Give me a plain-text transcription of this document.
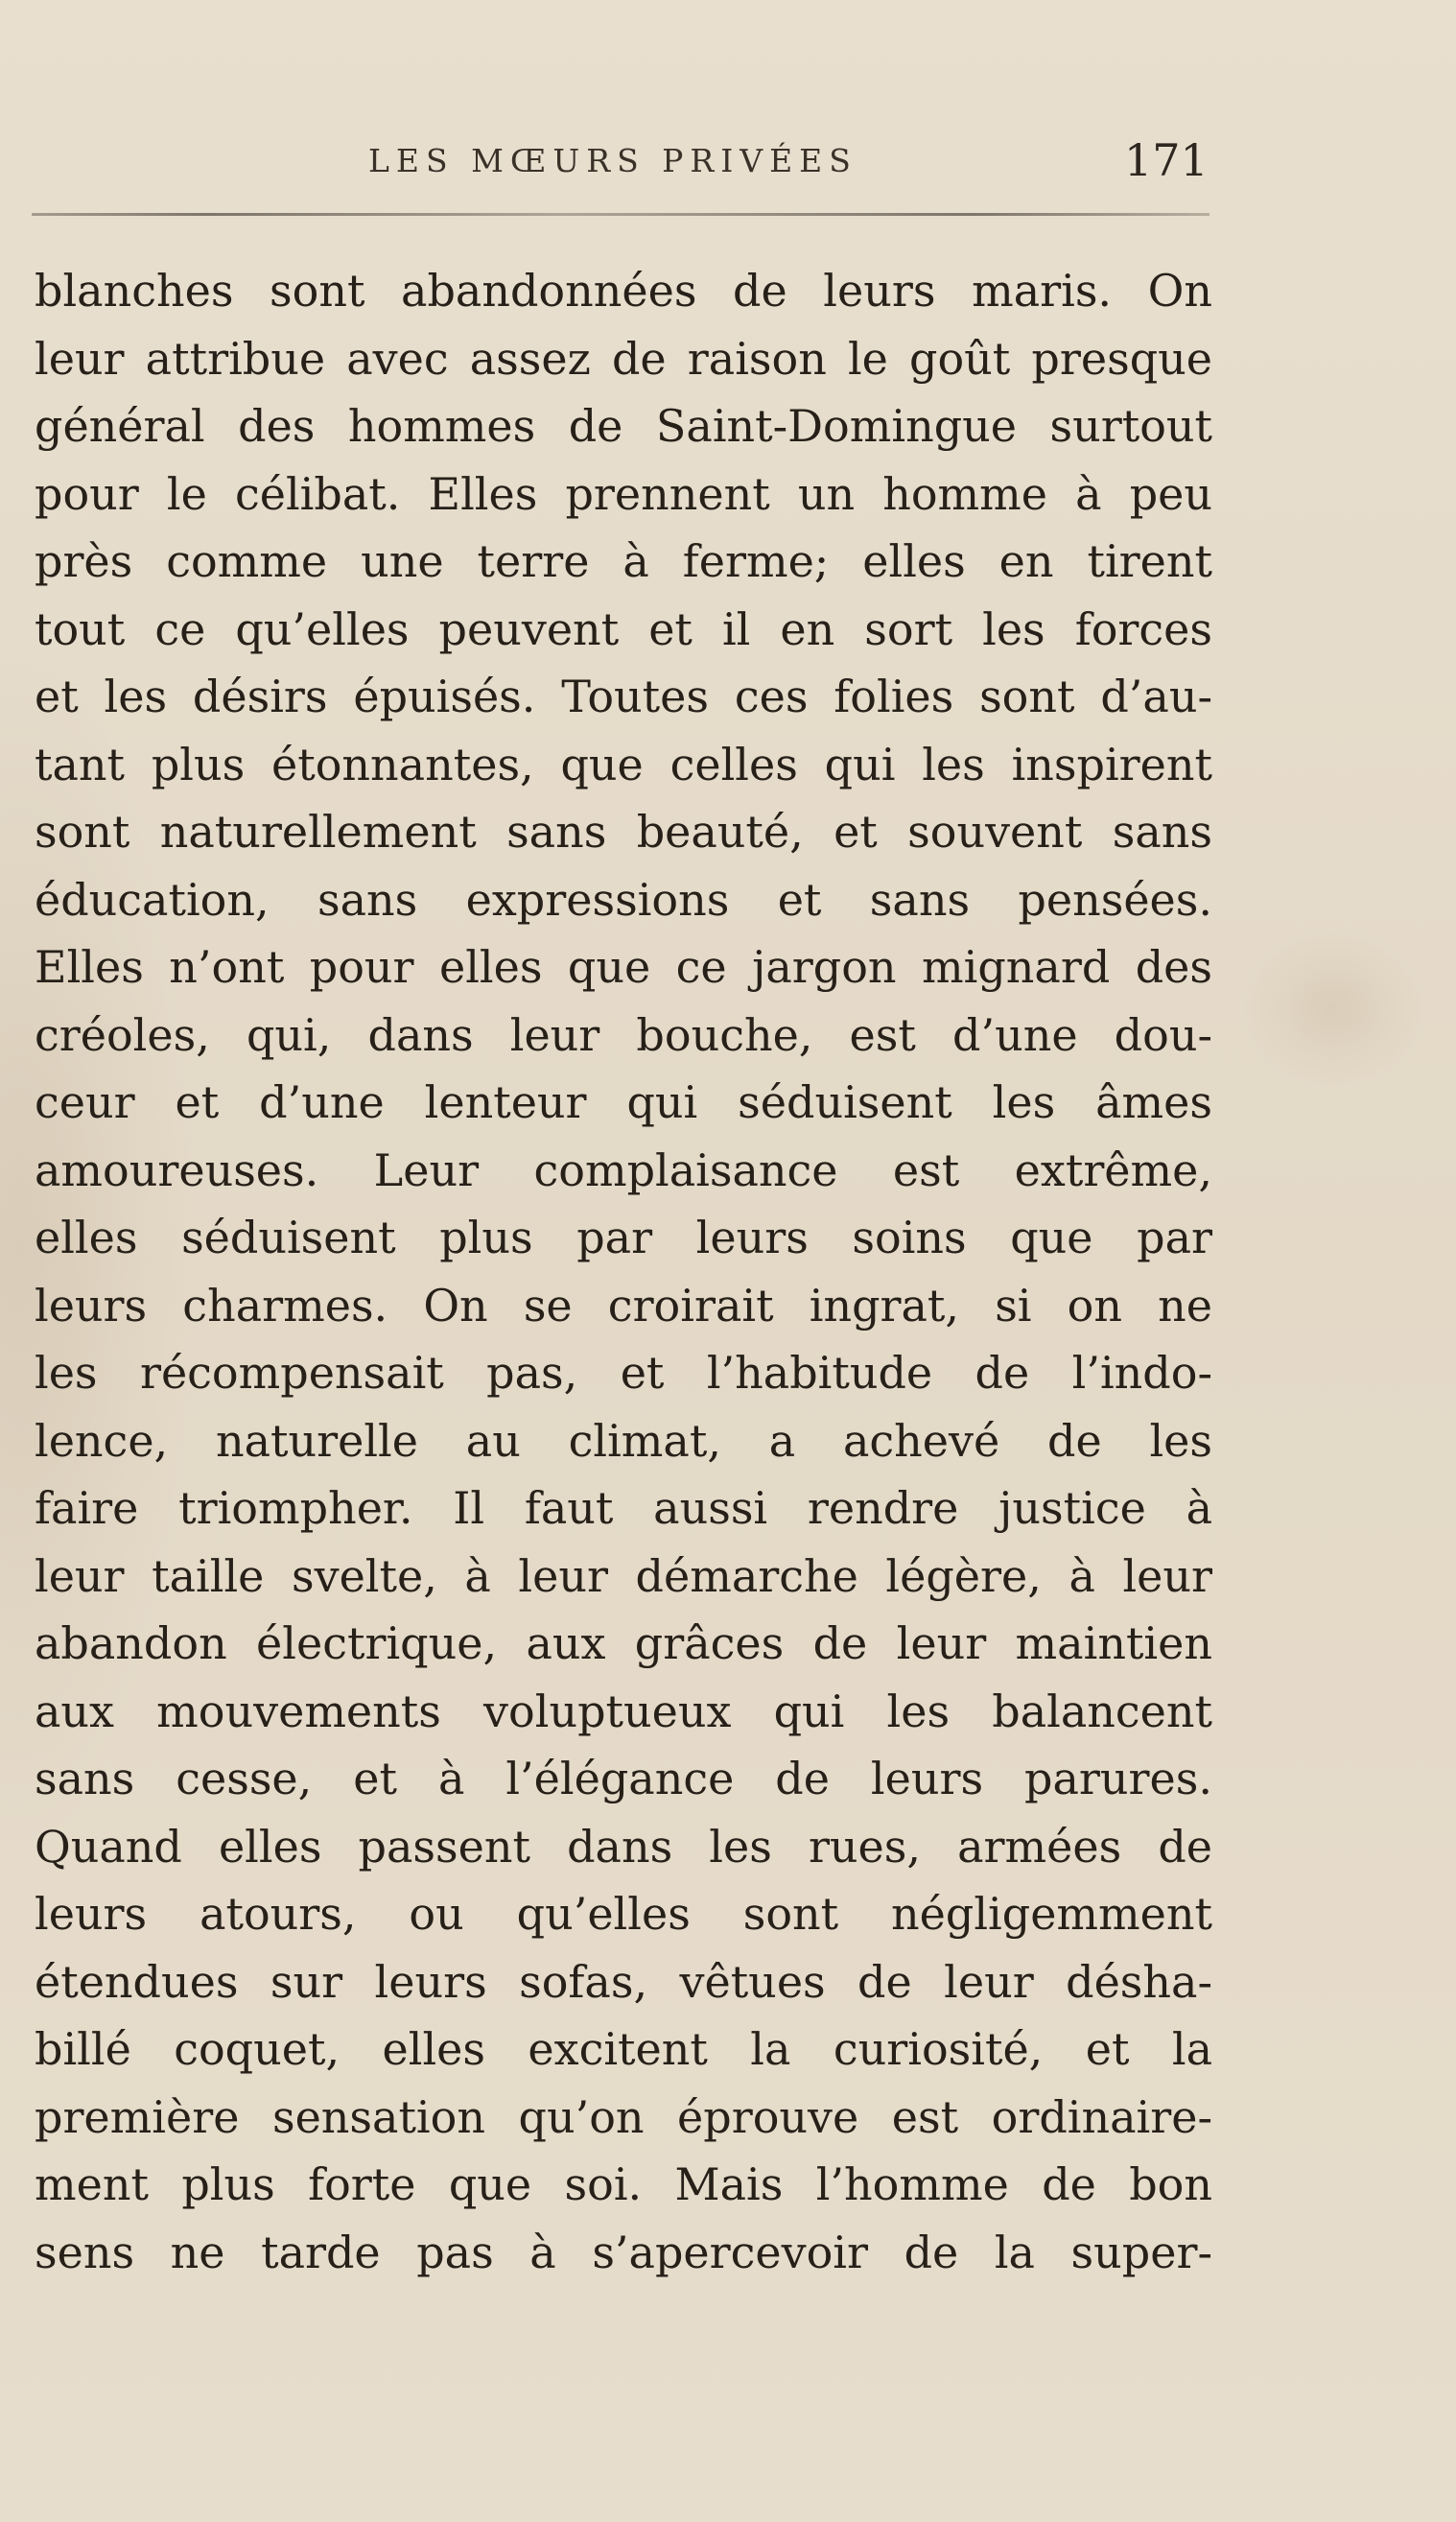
LES MŒURS PRIVÉES	171
blanches sont abandonnées de leurs maris. On
leur attribue avec assez de raison le goût presque
général des hommes de Saint-Domingue surtout
pour le célibat. Elles prennent un homme à peu
près comme une terre à ferme; elles en tirent
tout ce qu’elles peuvent et il en sort les forces
et les désirs épuisés. Toutes ces folies sont d’au-
tant plus étonnantes, que celles qui les inspirent
sont naturellement sans beauté, et souvent sans
éducation, sans expressions et sans pensées.
Elles n’ont pour elles que ce jargon mignard des
créoles, qui, dans leur bouche, est d’une dou-
ceur et d’une lenteur qui séduisent les âmes
amoureuses. Leur complaisance est extrême,
elles séduisent plus par leurs soins que par
leurs charmes. On se croirait ingrat, si on ne
les récompensait pas, et l’habitude de l’indo-
lence, naturelle au climat, a achevé de les
faire triompher. Il faut aussi rendre justice à
leur taille svelte, à leur démarche légère, à leur
abandon électrique, aux grâces de leur maintien
aux mouvements voluptueux qui les balancent
sans cesse, et à l’élégance de leurs parures.
Quand elles passent dans les rues, armées de
leurs atours, ou qu’elles sont négligemment
étendues sur leurs sofas, vêtues de leur désha-
billé coquet, elles excitent la curiosité, et la
première sensation qu’on éprouve est ordinaire-
ment plus forte que soi. Mais l’homme de bon
sens ne tarde pas à s’apercevoir de la super-
